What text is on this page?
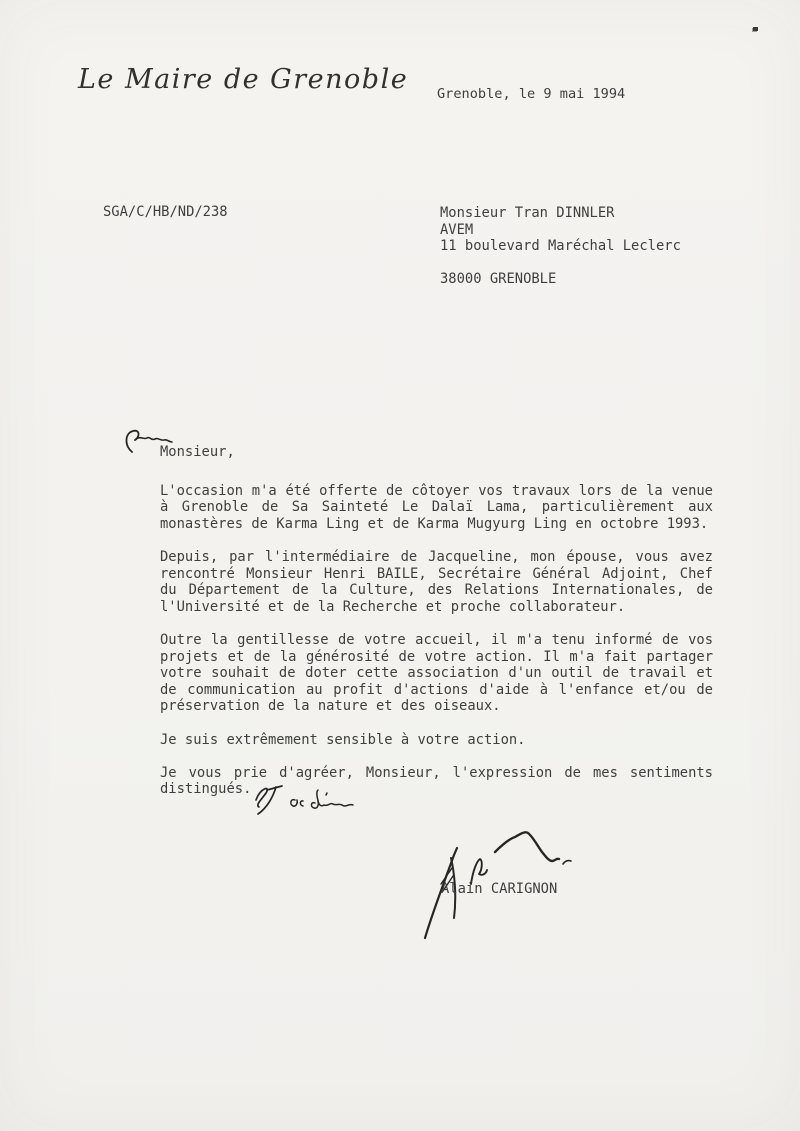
Le Maire de Grenoble Grenoble, le 9 mai 1994
SGA/C/HB/ND/238	Monsieur Tran DINNLER
AVEM
11 boulevard Maréchal Leclerc
38000 GRENOBLE
Monsieur,

L'occasion m'a été offerte de côtoyer vos travaux lors de la venue à Grenoble de Sa Sainteté Le Dalaï Lama, particulièrement aux monastères de Karma Ling et de Karma Mugyurg Ling en octobre 1993.

Depuis, par l'intermédiaire de Jacqueline, mon épouse, vous avez rencontré Monsieur Henri BAILE, Secrétaire Général Adjoint, Chef du Département de la Culture, des Relations Internationales, de l'Université et de la Recherche et proche collaborateur.

Outre la gentillesse de votre accueil, il m'a tenu informé de vos projets et de la générosité de votre action. Il m'a fait partager votre souhait de doter cette association d'un outil de travail et de communication au profit d'actions d'aide à l'enfance et/ou de préservation de la nature et des oiseaux.

Je suis extrêmement sensible à votre action.

Je vous prie d'agréer, Monsieur, l'expression de mes sentiments distingués.

Alain CARIGNON
